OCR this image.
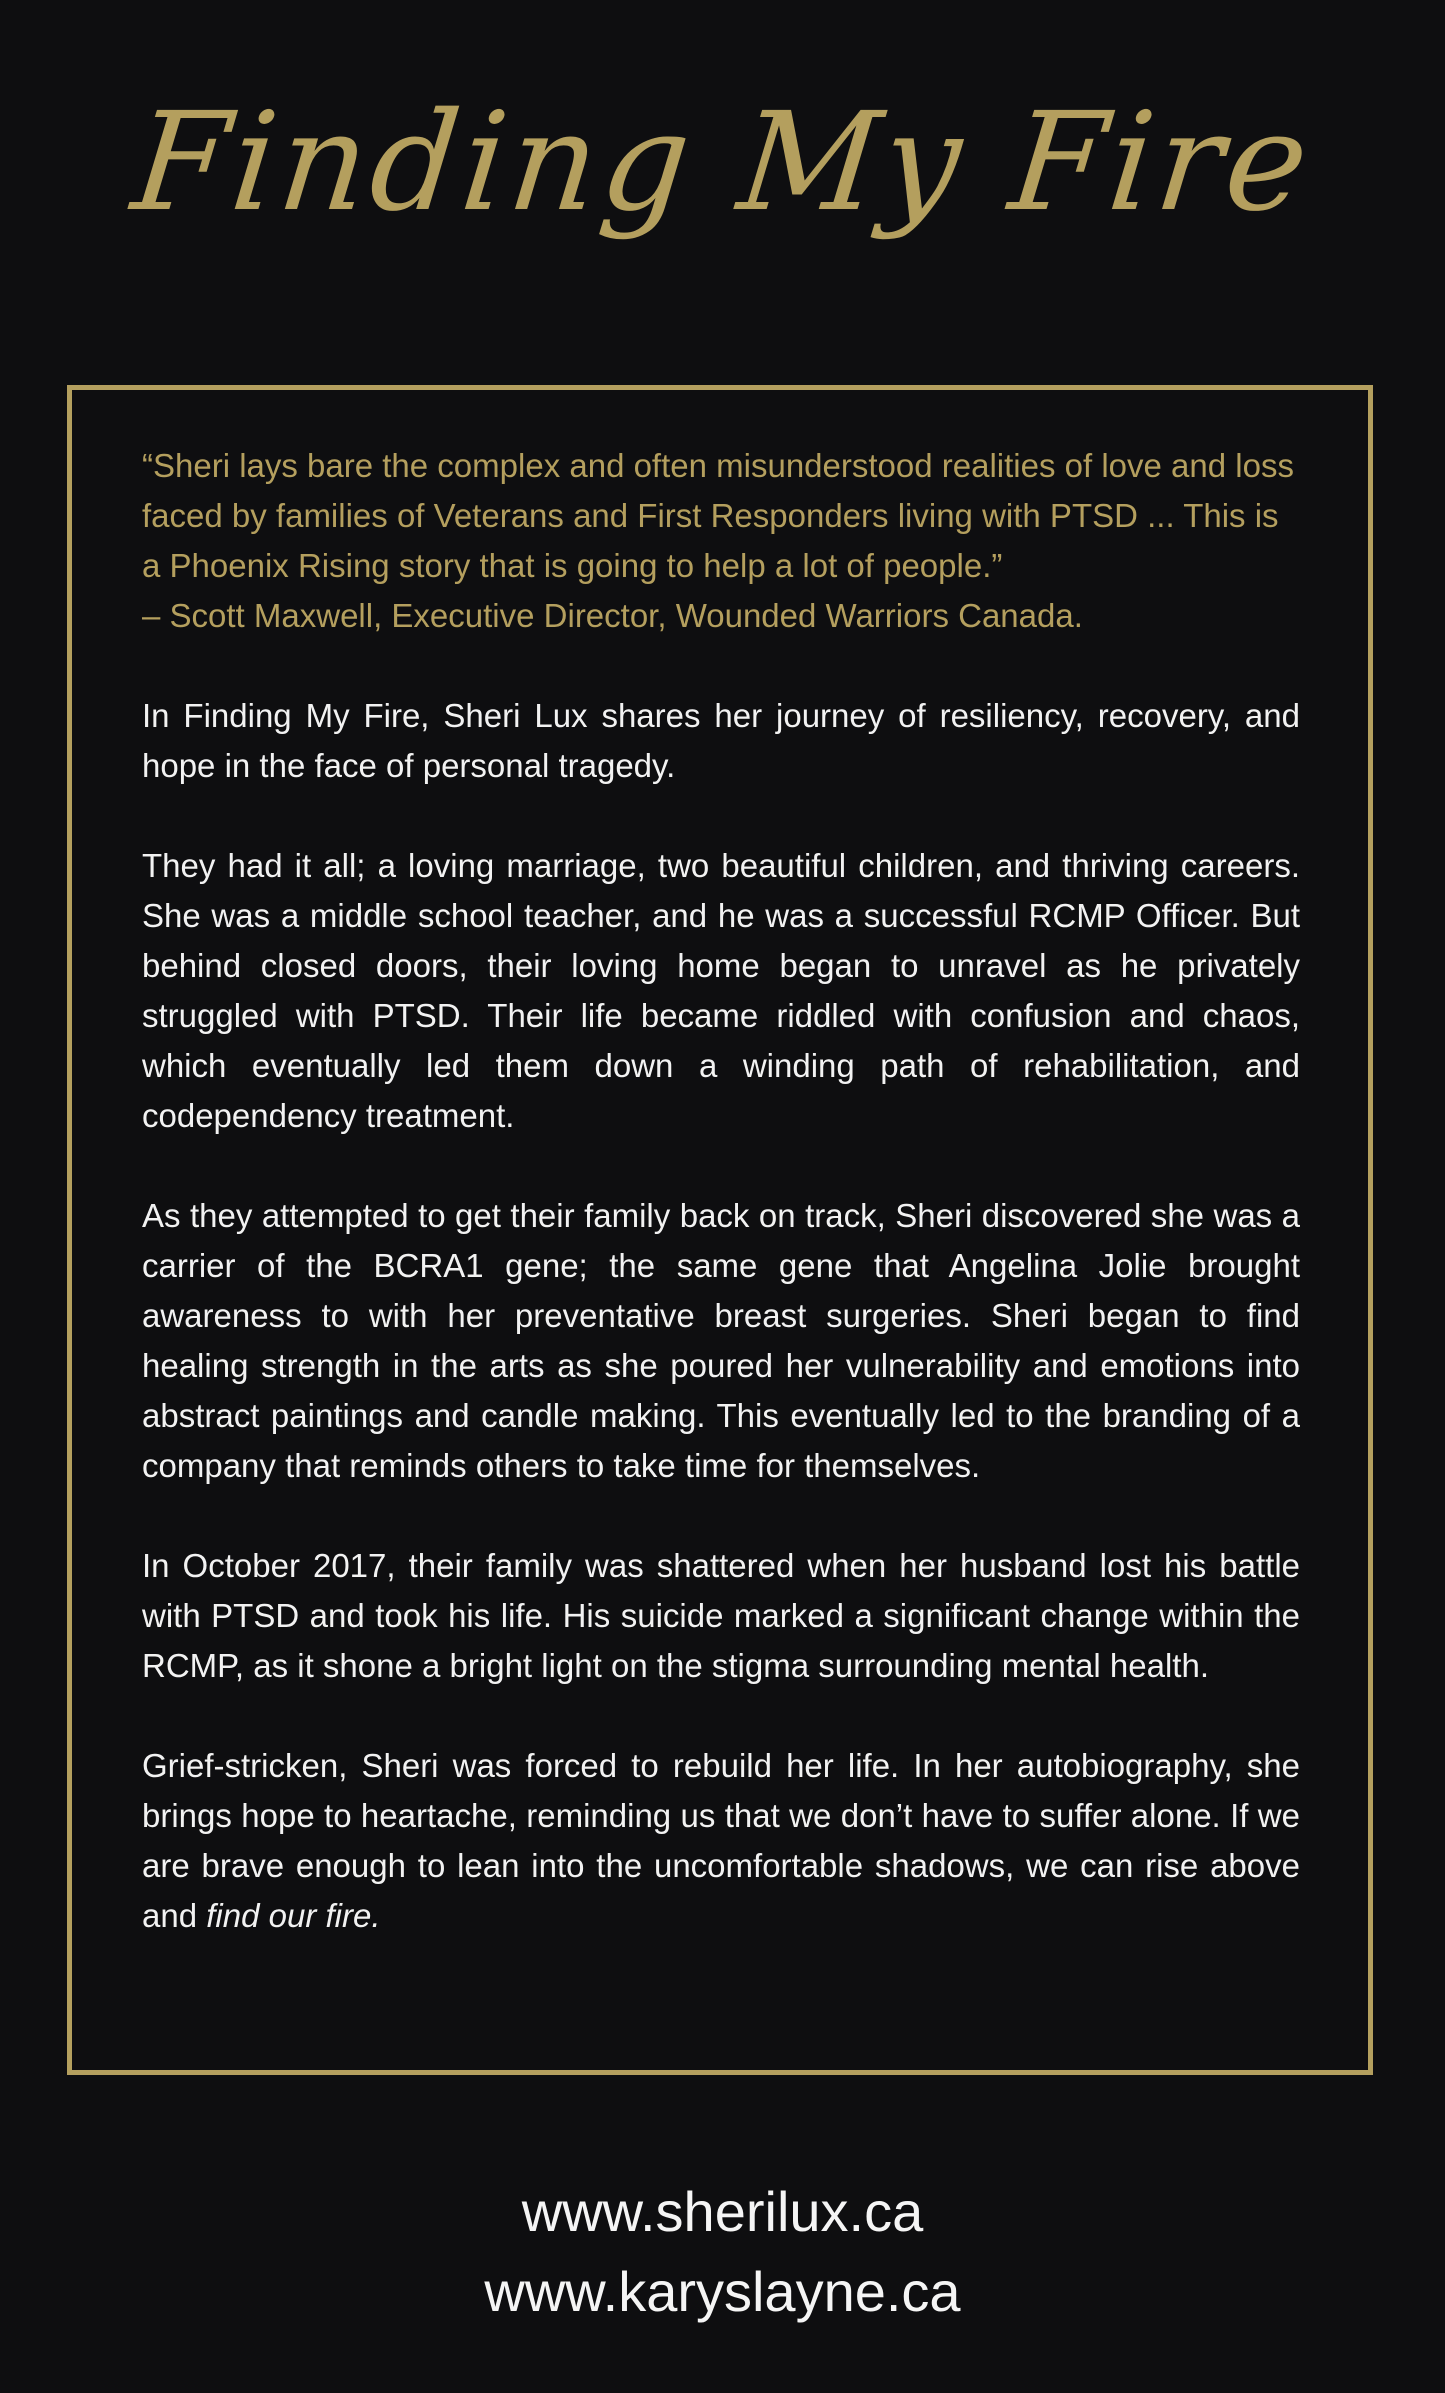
Finding My Fire

“Sheri lays bare the complex and often misunderstood realities of love and loss faced by families of Veterans and First Responders living with PTSD ... This is a Phoenix Rising story that is going to help a lot of people.”

– Scott Maxwell, Executive Director, Wounded Warriors Canada.

In Finding My Fire, Sheri Lux shares her journey of resiliency, recovery, and hope in the face of personal tragedy.

They had it all; a loving marriage, two beautiful children, and thriving careers. She was a middle school teacher, and he was a successful RCMP Officer. But behind closed doors, their loving home began to unravel as he privately struggled with PTSD. Their life became riddled with confusion and chaos, which eventually led them down a winding path of rehabilitation, and codependency treatment.

As they attempted to get their family back on track, Sheri discovered she was a carrier of the BCRA1 gene; the same gene that Angelina Jolie brought awareness to with her preventative breast surgeries. Sheri began to find healing strength in the arts as she poured her vulnerability and emotions into abstract paintings and candle making. This eventually led to the branding of a company that reminds others to take time for themselves.

In October 2017, their family was shattered when her husband lost his battle with PTSD and took his life. His suicide marked a significant change within the RCMP, as it shone a bright light on the stigma surrounding mental health.

Grief-stricken, Sheri was forced to rebuild her life. In her autobiography, she brings hope to heartache, reminding us that we don’t have to suffer alone. If we are brave enough to lean into the uncomfortable shadows, we can rise above and find our fire.

www.sherilux.ca
www.karyslayne.ca
